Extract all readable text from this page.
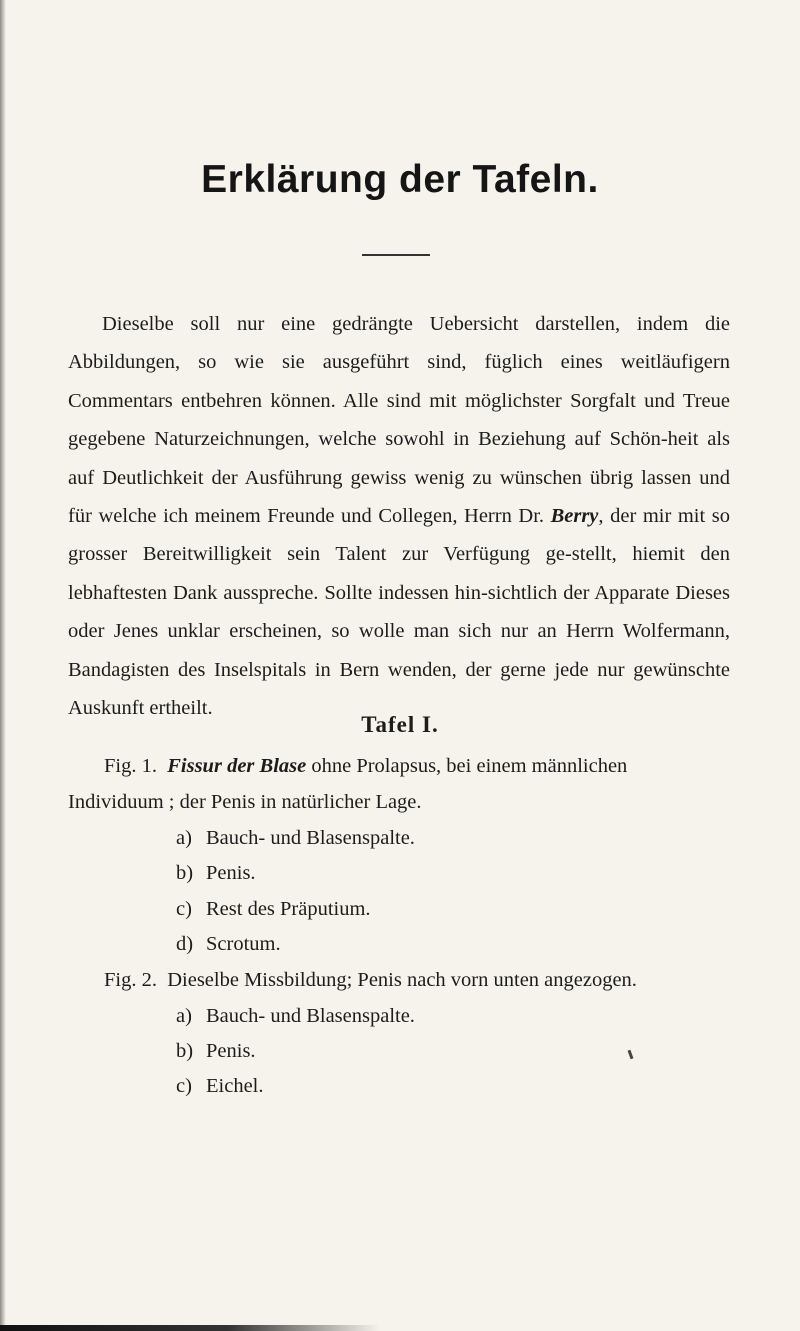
Erklärung der Tafeln.

Dieselbe soll nur eine gedrängte Uebersicht darstellen, indem die Abbildungen, so wie sie ausgeführt sind, füglich eines weitläufigern Commentars entbehren können. Alle sind mit möglichster Sorgfalt und Treue gegebene Naturzeichnungen, welche sowohl in Beziehung auf Schön-heit als auf Deutlichkeit der Ausführung gewiss wenig zu wünschen übrig lassen und für welche ich meinem Freunde und Collegen, Herrn Dr. Berry, der mir mit so grosser Bereitwilligkeit sein Talent zur Verfügung ge-stellt, hiemit den lebhaftesten Dank ausspreche. Sollte indessen hin-sichtlich der Apparate Dieses oder Jenes unklar erscheinen, so wolle man sich nur an Herrn Wolfermann, Bandagisten des Inselspitals in Bern wenden, der gerne jede nur gewünschte Auskunft ertheilt.

Tafel I.
Fig. 1. Fissur der Blase ohne Prolapsus, bei einem männlichen
Individuum ; der Penis in natürlicher Lage.
a) Bauch- und Blasenspalte.
b) Penis.
c) Rest des Präputium.
d) Scrotum.
Fig. 2. Dieselbe Missbildung; Penis nach vorn unten angezogen.
a) Bauch- und Blasenspalte.
b) Penis.
c) Eichel.
